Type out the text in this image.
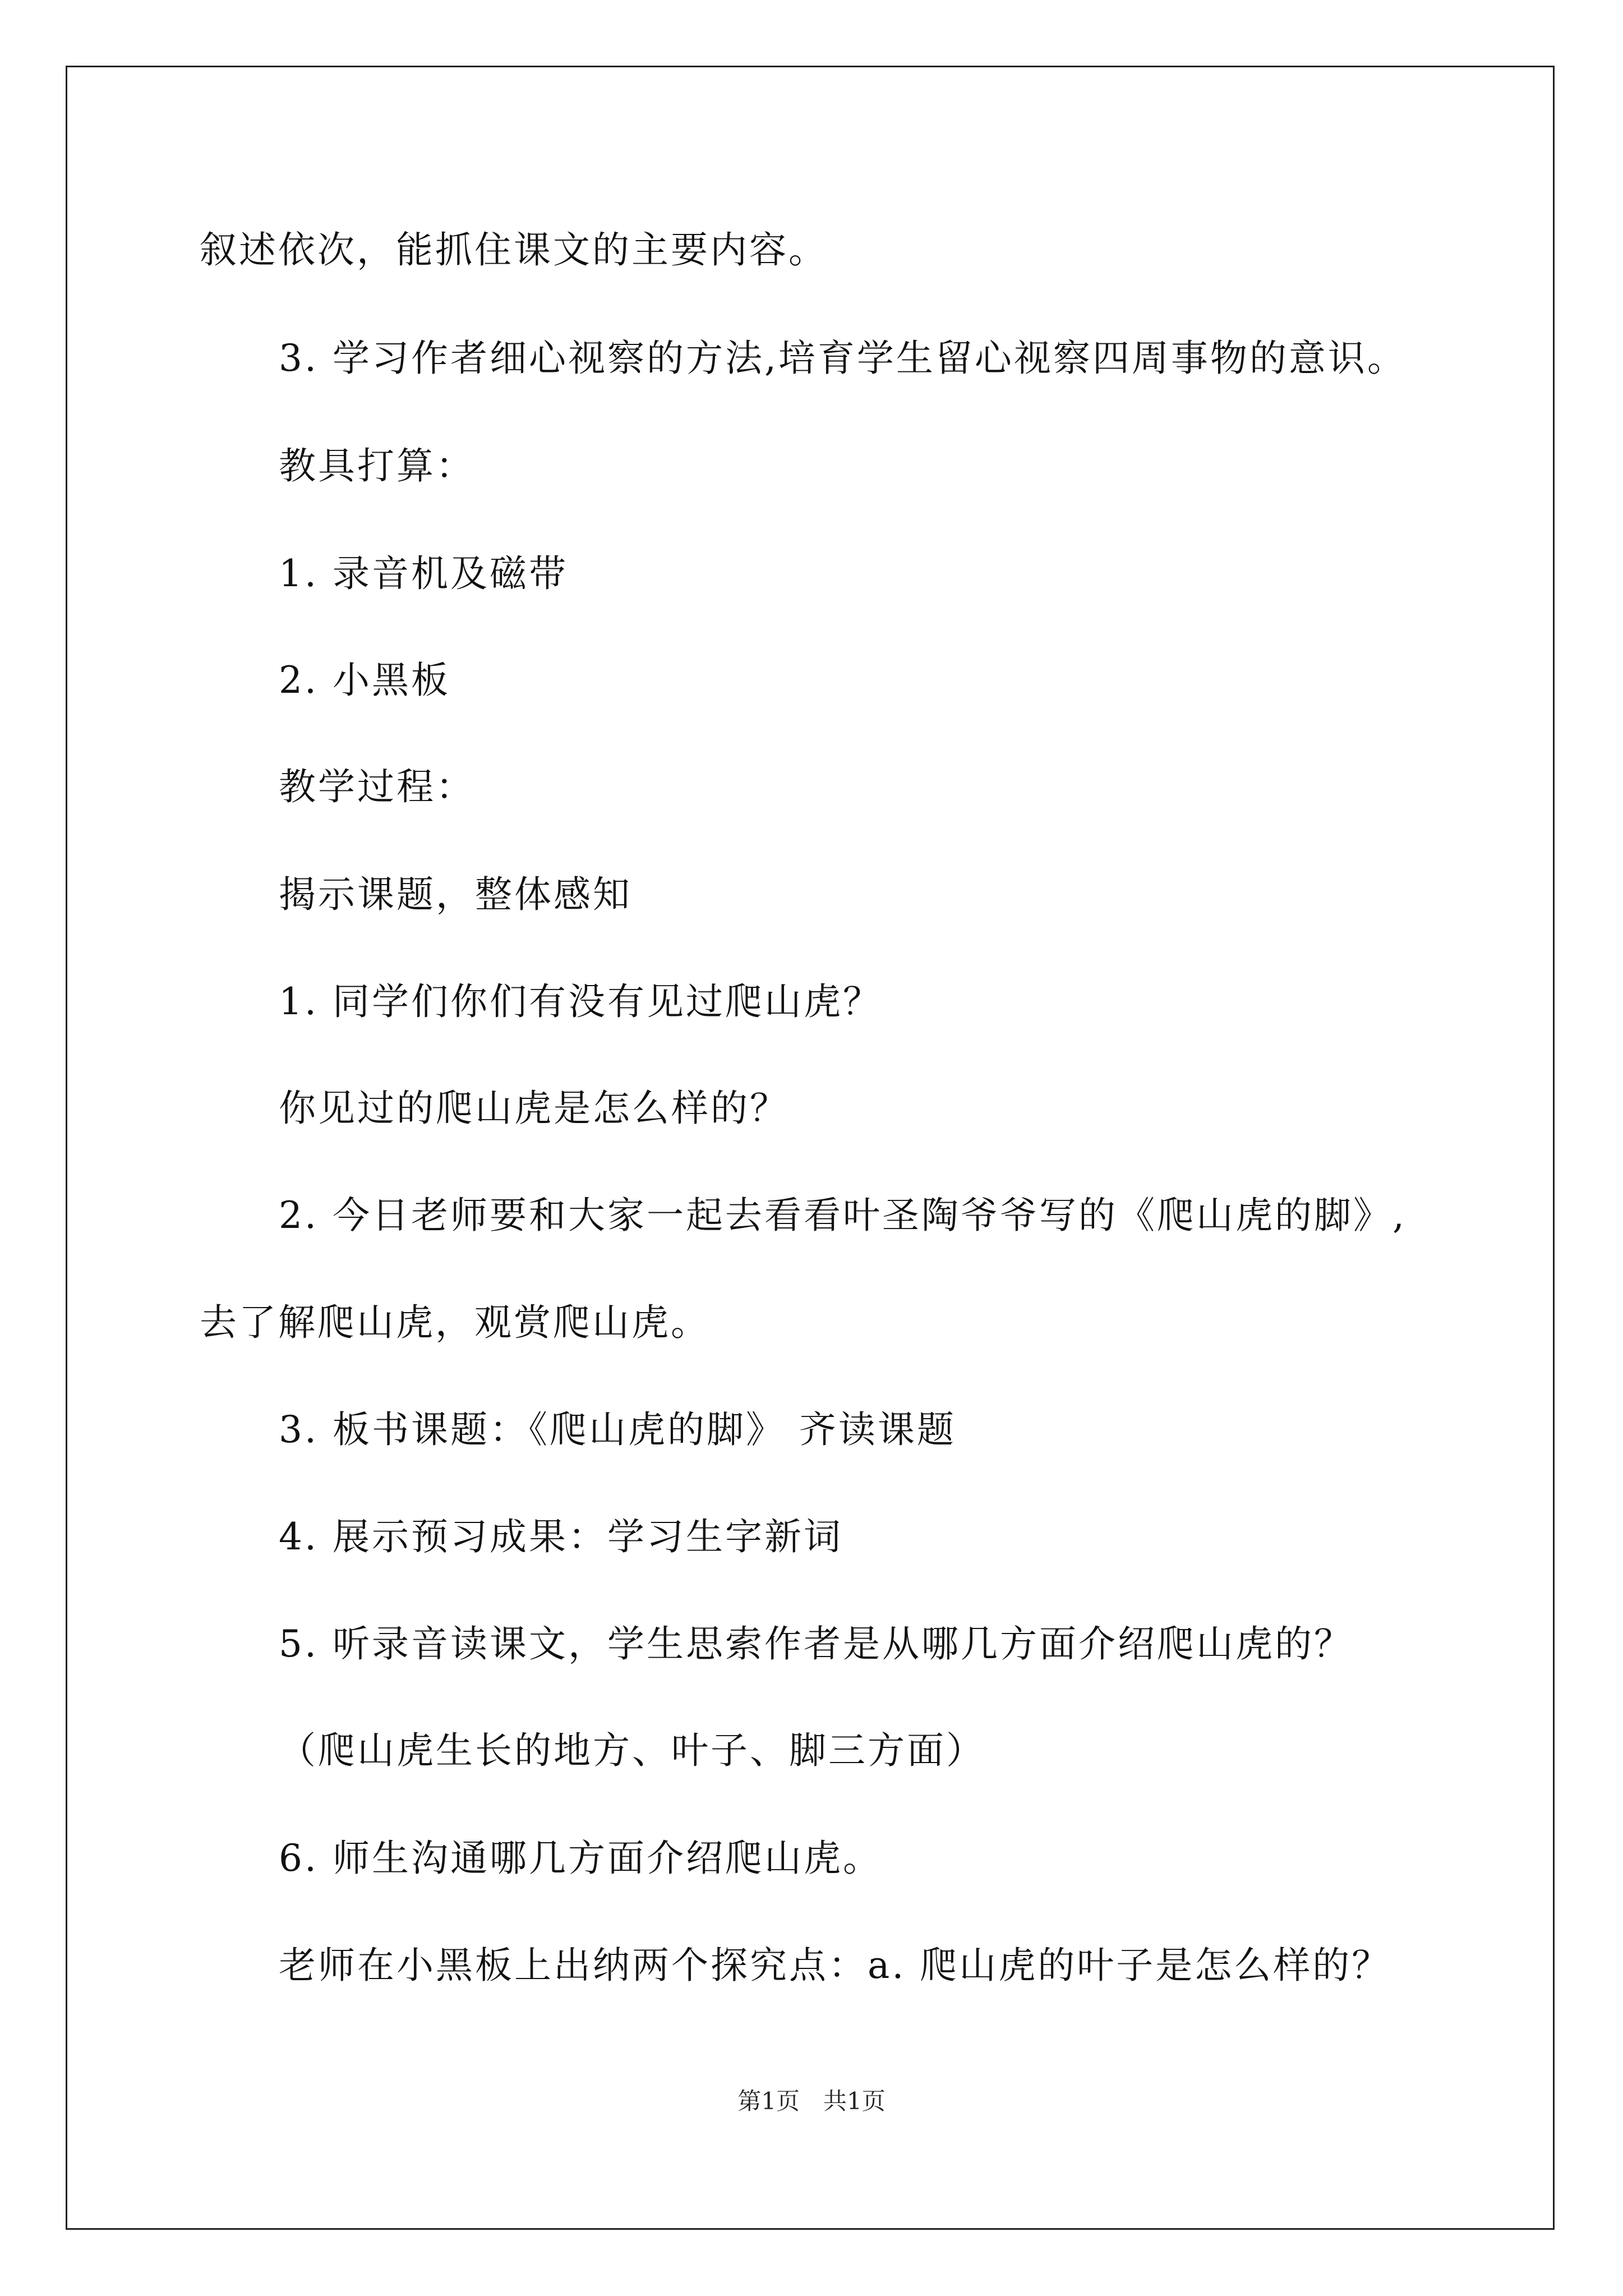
叙述依次，能抓住课文的主要内容。
3. 学习作者细心视察的方法,培育学生留心视察四周事物的意识。
教具打算：
1. 录音机及磁带
2. 小黑板
教学过程：
揭示课题，整体感知
1. 同学们你们有没有见过爬山虎？
你见过的爬山虎是怎么样的？
2. 今日老师要和大家一起去看看叶圣陶爷爷写的《爬山虎的脚》,
去了解爬山虎，观赏爬山虎。
3. 板书课题：《爬山虎的脚》 齐读课题
4. 展示预习成果：学习生字新词
5. 听录音读课文，学生思索作者是从哪几方面介绍爬山虎的？
（爬山虎生长的地方、叶子、脚三方面）
6. 师生沟通哪几方面介绍爬山虎。
老师在小黑板上出纳两个探究点：a. 爬山虎的叶子是怎么样的？
第1页　共1页
